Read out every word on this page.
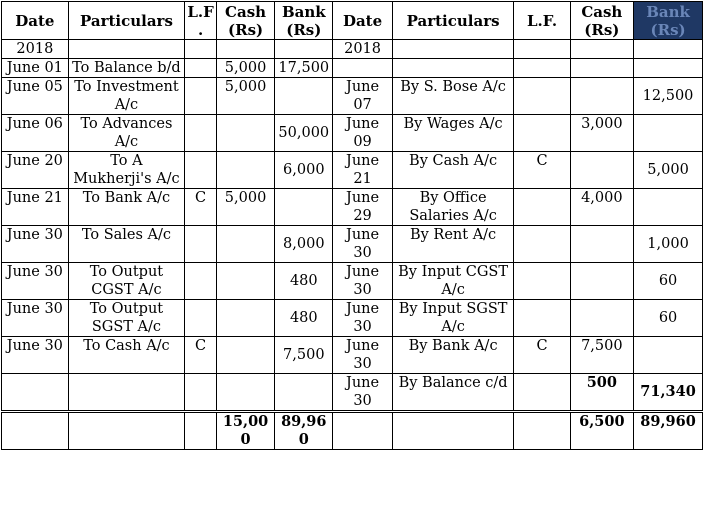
Date	Particulars	L.F.	Cash (Rs)	Bank (Rs)	Date	Particulars	L.F.	Cash (Rs)	Bank (Rs)
2018					2018				
June 01	To Balance b/d		5,000	17,500					
June 05	To Investment A/c		5,000		June 07	By S. Bose A/c			12,500
June 06	To Advances A/c			50,000	June 09	By Wages A/c		3,000	
June 20	To A Mukherji's A/c			6,000	June 21	By Cash A/c	C		5,000
June 21	To Bank A/c	C	5,000		June 29	By Office Salaries A/c		4,000	
June 30	To Sales A/c			8,000	June 30	By Rent A/c			1,000
June 30	To Output CGST A/c			480	June 30	By Input CGST A/c			60
June 30	To Output SGST A/c			480	June 30	By Input SGST A/c			60
June 30	To Cash A/c	C		7,500	June 30	By Bank A/c	C	7,500	
					June 30	By Balance c/d		500	71,340
			15,000	89,960				6,500	89,960
